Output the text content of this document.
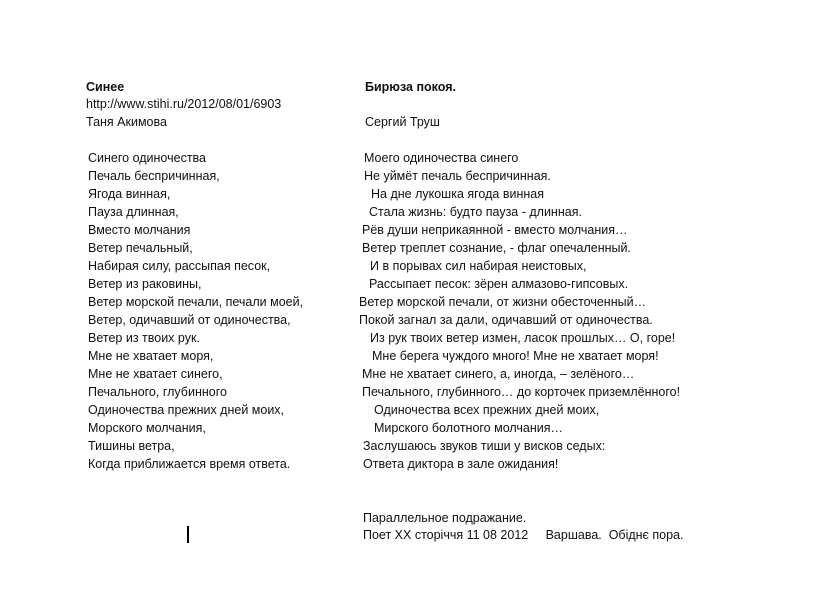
Синее
http://www.stihi.ru/2012/08/01/6903
Таня Акимова
Синего одиночества
Печаль беспричинная,
Ягода винная,
Пауза длинная,
Вместо молчания
Ветер печальный,
Набирая силу, рассыпая песок,
Ветер из раковины,
Ветер морской печали, печали моей,
Ветер, одичавший от одиночества,
Ветер из твоих рук.
Мне не хватает моря,
Мне не хватает синего,
Печального, глубинного
Одиночества прежних дней моих,
Морского молчания,
Тишины ветра,
Когда приближается время ответа.
Бирюза покоя.
Сергий Труш
Моего одиночества синего
Не уймёт печаль беспричинная.
На дне лукошка ягода винная
Стала жизнь: будто пауза - длинная.
Рёв души неприкаянной - вместо молчания…
Ветер треплет сознание, - флаг опечаленный.
И в порывах сил набирая неистовых,
Рассыпает песок: зёрен алмазово-гипсовых.
Ветер морской печали, от жизни обесточенный…
Покой загнал за дали, одичавший от одиночества.
Из рук твоих ветер измен, ласок прошлых… О, горе!
Мне берега чуждого много! Мне не хватает моря!
Мне не хватает синего, а, иногда, – зелёного…
Печального, глубинного… до корточек приземлённого!
Одиночества всех прежних дней моих,
Мирского болотного молчания…
Заслушаюсь звуков тиши у висков седых:
Ответа диктора в зале ожидания!
Параллельное подражание.
Поет ХХ сторiччя 11 08 2012     Варшава.  Обiднє пора.
